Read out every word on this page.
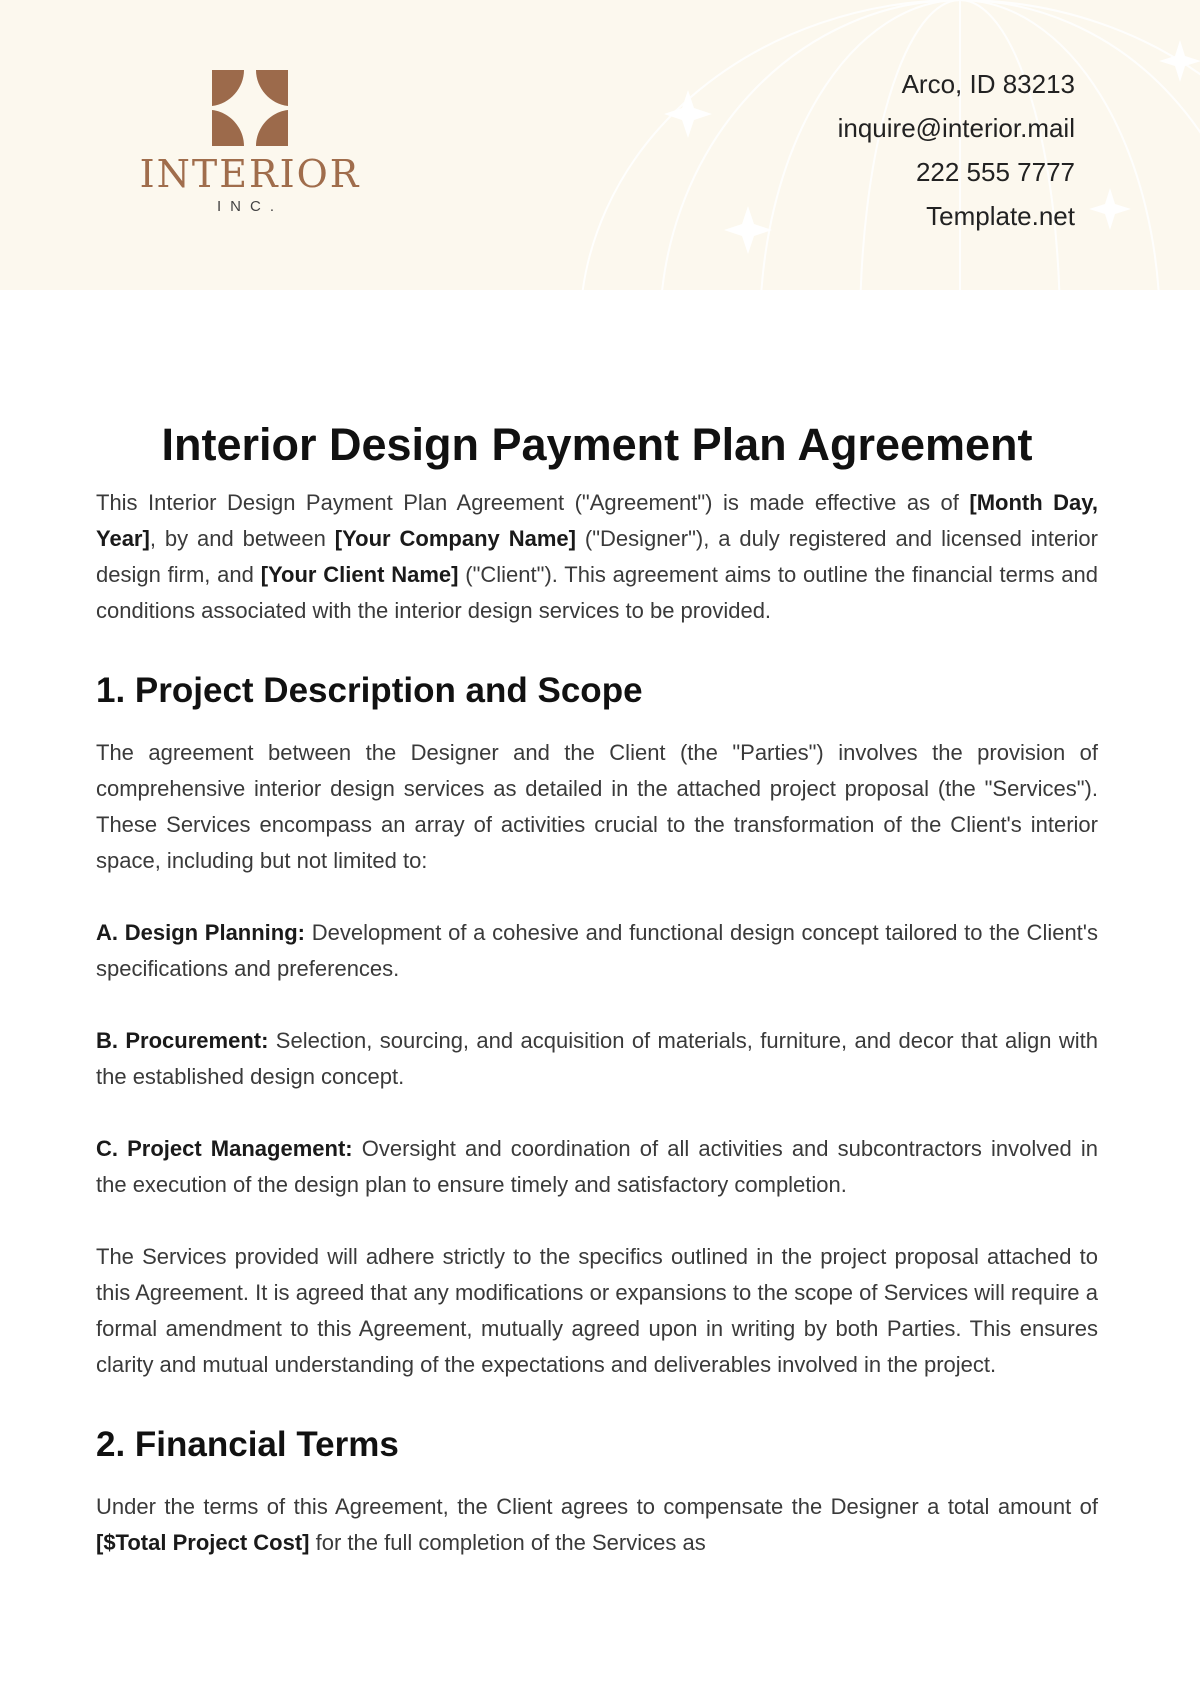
INTERIOR
INC.
Arco, ID 83213
inquire@interior.mail
222 555 7777
Template.net
Interior Design Payment Plan Agreement

This Interior Design Payment Plan Agreement ("Agreement") is made effective as of [Month Day, Year], by and between [Your Company Name] ("Designer"), a duly registered and licensed interior design firm, and [Your Client Name] ("Client"). This agreement aims to outline the financial terms and conditions associated with the interior design services to be provided.

1. Project Description and Scope

The agreement between the Designer and the Client (the "Parties") involves the provision of comprehensive interior design services as detailed in the attached project proposal (the "Services"). These Services encompass an array of activities crucial to the transformation of the Client's interior space, including but not limited to:

A. Design Planning: Development of a cohesive and functional design concept tailored to the Client's specifications and preferences.

B. Procurement: Selection, sourcing, and acquisition of materials, furniture, and decor that align with the established design concept.

C. Project Management: Oversight and coordination of all activities and subcontractors involved in the execution of the design plan to ensure timely and satisfactory completion.

The Services provided will adhere strictly to the specifics outlined in the project proposal attached to this Agreement. It is agreed that any modifications or expansions to the scope of Services will require a formal amendment to this Agreement, mutually agreed upon in writing by both Parties. This ensures clarity and mutual understanding of the expectations and deliverables involved in the project.

2. Financial Terms

Under the terms of this Agreement, the Client agrees to compensate the Designer a total amount of [$Total Project Cost] for the full completion of the Services as
